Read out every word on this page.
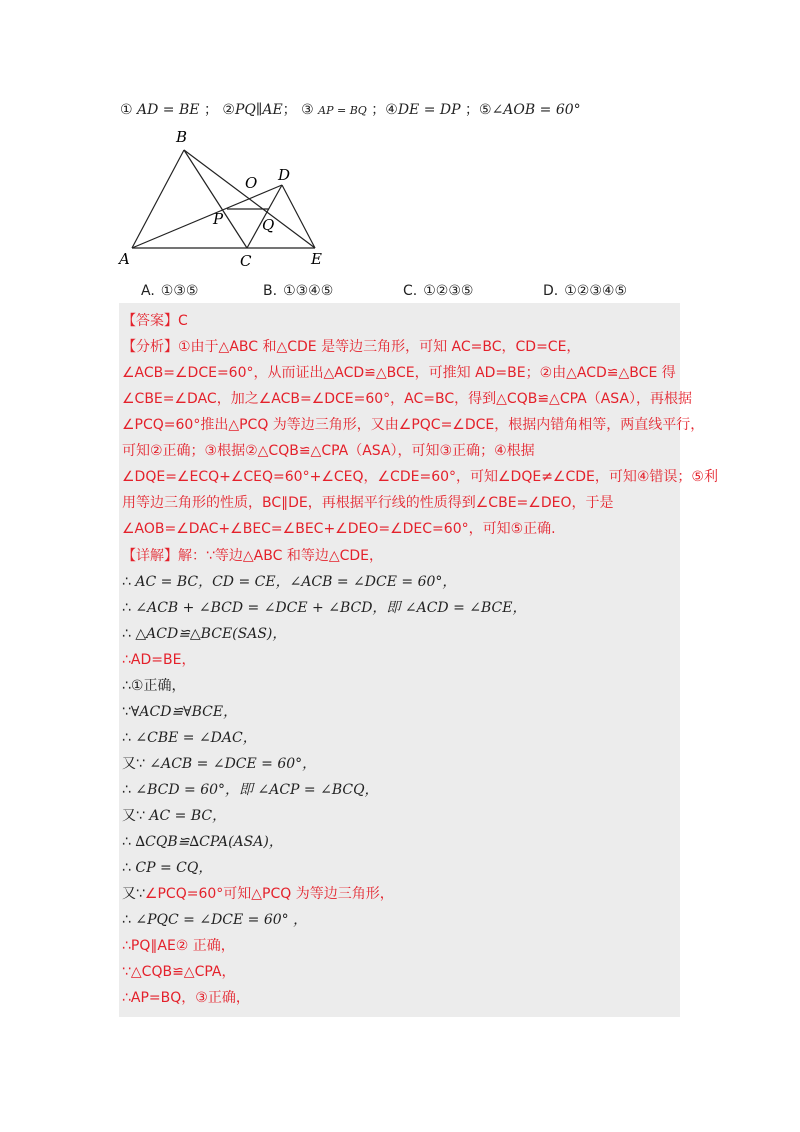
① AD = BE ； ②PQ∥AE； ③ AP = BQ ；④DE = DP ；⑤∠AOB = 60°
B
O D
P	Q
A	C	E
A. ①③⑤	B. ①③④⑤	C. ①②③⑤	D. ①②③④⑤
【答案】C
【分析】①由于△ABC 和△CDE 是等边三角形，可知 AC=BC，CD=CE，
∠ACB=∠DCE=60°，从而证出△ACD≌△BCE，可推知 AD=BE；②由△ACD≌△BCE 得
∠CBE=∠DAC，加之∠ACB=∠DCE=60°，AC=BC，得到△CQB≌△CPA（ASA），再根据
∠PCQ=60°推出△PCQ 为等边三角形，又由∠PQC=∠DCE，根据内错角相等，两直线平行，
可知②正确；③根据②△CQB≌△CPA（ASA），可知③正确；④根据
∠DQE=∠ECQ+∠CEQ=60°+∠CEQ，∠CDE=60°，可知∠DQE≠∠CDE，可知④错误；⑤利
用等边三角形的性质，BC∥DE，再根据平行线的性质得到∠CBE=∠DEO，于是
∠AOB=∠DAC+∠BEC=∠BEC+∠DEO=∠DEC=60°，可知⑤正确.
【详解】解：∵等边△ABC 和等边△CDE，
∴ AC = BC，CD = CE，∠ACB = ∠DCE = 60°，
∴ ∠ACB + ∠BCD = ∠DCE + ∠BCD，即 ∠ACD = ∠BCE，
∴ △ACD≌△BCE(SAS)，
∴AD=BE，
∴①正确，
∵∀ACD≌∀BCE，
∴ ∠CBE = ∠DAC，
又∵ ∠ACB = ∠DCE = 60°，
∴ ∠BCD = 60°，即 ∠ACP = ∠BCQ，
又∵ AC = BC，
∴ ∆CQB≌∆CPA(ASA)，
∴ CP = CQ，
又∵∠PCQ=60°可知△PCQ 为等边三角形，
∴ ∠PQC = ∠DCE = 60° ，
∴PQ∥AE② 正确，
∵△CQB≌△CPA，
∴AP=BQ，③正确，
